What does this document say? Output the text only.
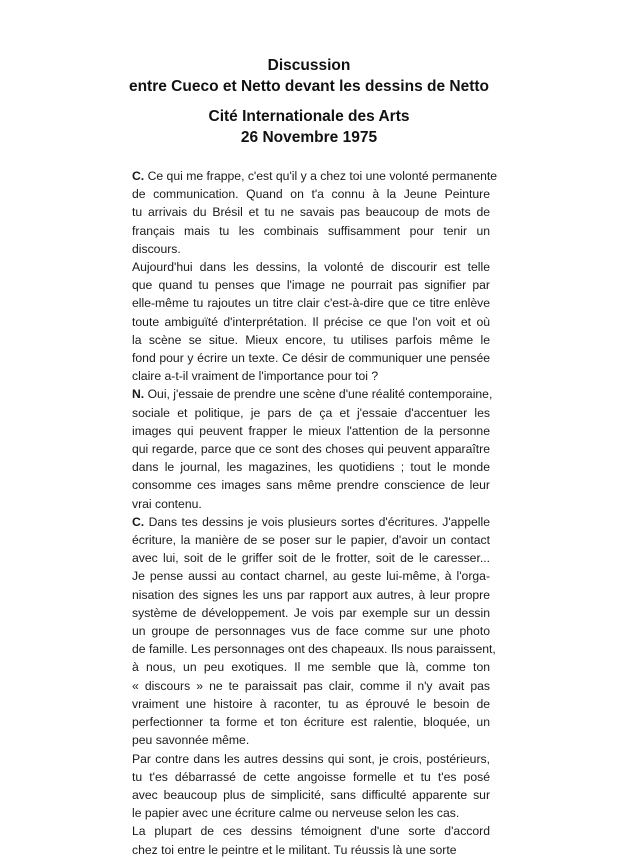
Discussion
entre Cueco et Netto devant les dessins de Netto
Cité Internationale des Arts
26 Novembre 1975
C. Ce qui me frappe, c'est qu'il y a chez toi une volonté permanente
de communication. Quand on t'a connu à la Jeune Peinture
tu arrivais du Brésil et tu ne savais pas beaucoup de mots de
français mais tu les combinais suffisamment pour tenir un
discours.
Aujourd'hui dans les dessins, la volonté de discourir est telle
que quand tu penses que l'image ne pourrait pas signifier par
elle-même tu rajoutes un titre clair c'est-à-dire que ce titre enlève
toute ambiguïté d'interprétation. Il précise ce que l'on voit et où
la scène se situe. Mieux encore, tu utilises parfois même le
fond pour y écrire un texte. Ce désir de communiquer une pensée
claire a-t-il vraiment de l'importance pour toi ?
N. Oui, j'essaie de prendre une scène d'une réalité contemporaine,
sociale et politique, je pars de ça et j'essaie d'accentuer les
images qui peuvent frapper le mieux l'attention de la personne
qui regarde, parce que ce sont des choses qui peuvent apparaître
dans le journal, les magazines, les quotidiens ; tout le monde
consomme ces images sans même prendre conscience de leur
vrai contenu.
C. Dans tes dessins je vois plusieurs sortes d'écritures. J'appelle
écriture, la manière de se poser sur le papier, d'avoir un contact
avec lui, soit de le griffer soit de le frotter, soit de le caresser...
Je pense aussi au contact charnel, au geste lui-même, à l'orga-
nisation des signes les uns par rapport aux autres, à leur propre
système de développement. Je vois par exemple sur un dessin
un groupe de personnages vus de face comme sur une photo
de famille. Les personnages ont des chapeaux. Ils nous paraissent,
à nous, un peu exotiques. Il me semble que là, comme ton
« discours » ne te paraissait pas clair, comme il n'y avait pas
vraiment une histoire à raconter, tu as éprouvé le besoin de
perfectionner ta forme et ton écriture est ralentie, bloquée, un
peu savonnée même.
Par contre dans les autres dessins qui sont, je crois, postérieurs,
tu t'es débarrassé de cette angoisse formelle et tu t'es posé
avec beaucoup plus de simplicité, sans difficulté apparente sur
le papier avec une écriture calme ou nerveuse selon les cas.
La plupart de ces dessins témoignent d'une sorte d'accord
chez toi entre le peintre et le militant. Tu réussis là une sorte
